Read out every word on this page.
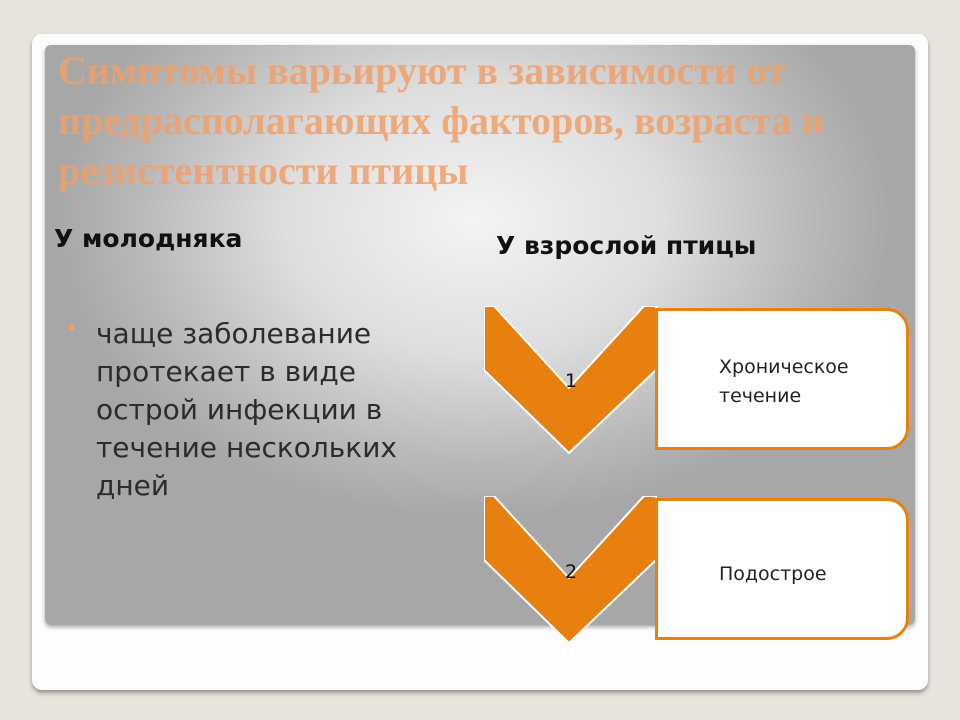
Симптомы варьируют в зависимости от предрасполагающих факторов, возраста и резистентности птицы
У молодняка
• чаще заболевание протекает в виде острой инфекции в течение нескольких дней
У взрослой птицы
1
Хроническое течение
2	Подострое
